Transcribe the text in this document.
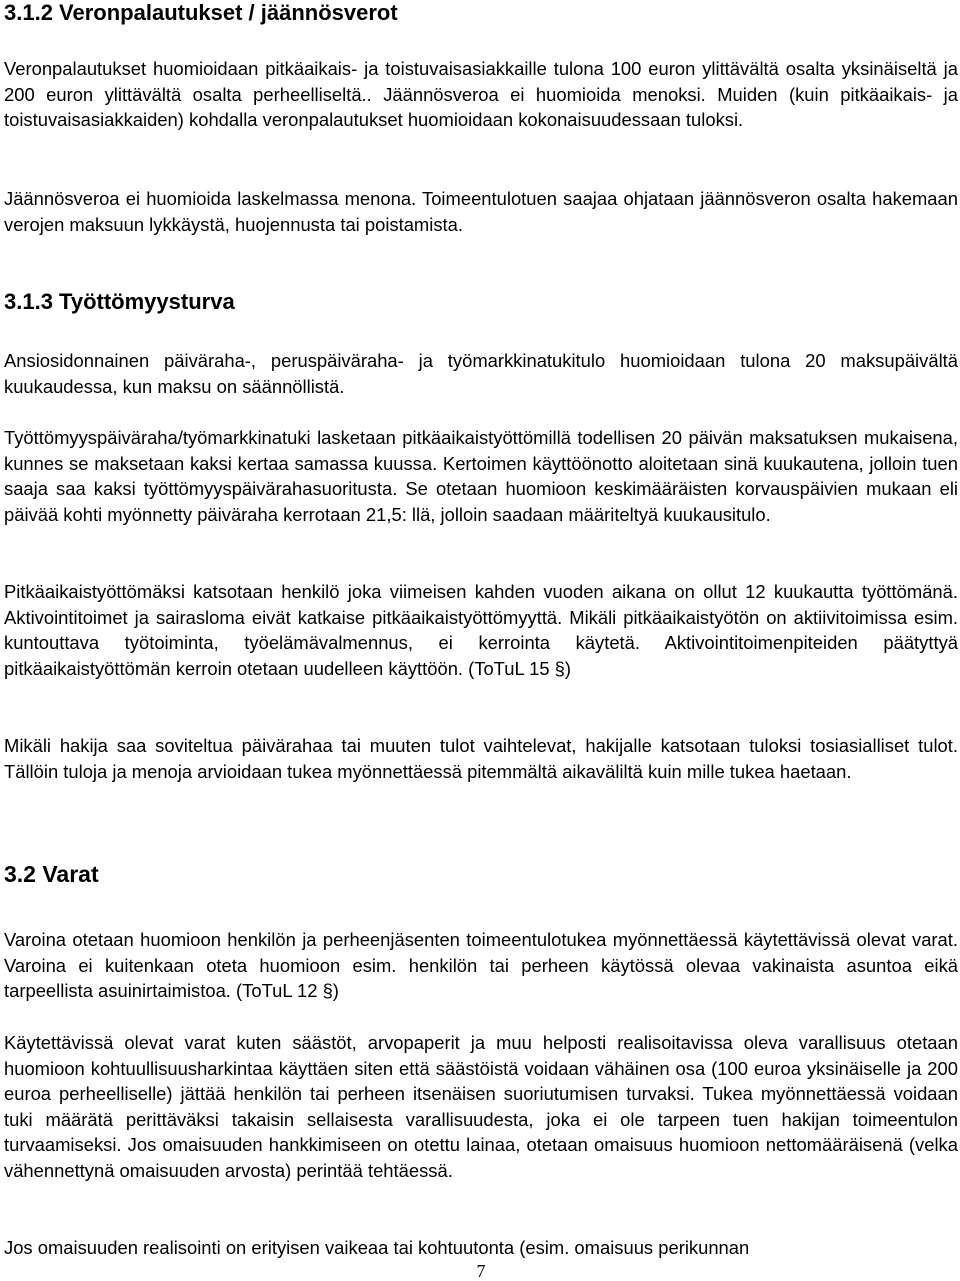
3.1.2 Veronpalautukset / jäännösverot

Veronpalautukset huomioidaan pitkäaikais- ja toistuvaisasiakkaille tulona 100 euron ylittävältä osalta yksinäiseltä ja 200 euron ylittävältä osalta perheelliseltä.. Jäännösveroa ei huomioida menoksi. Muiden (kuin pitkäaikais- ja toistuvaisasiakkaiden) kohdalla veronpalautukset huomioidaan kokonaisuudessaan tuloksi.

Jäännösveroa ei huomioida laskelmassa menona. Toimeentulotuen saajaa ohjataan jäännösveron osalta hakemaan verojen maksuun lykkäystä, huojennusta tai poistamista.

3.1.3 Työttömyysturva

Ansiosidonnainen päiväraha-, peruspäiväraha- ja työmarkkinatukitulo huomioidaan tulona 20 maksupäivältä kuukaudessa, kun maksu on säännöllistä.

Työttömyyspäiväraha/työmarkkinatuki lasketaan pitkäaikaistyöttömillä todellisen 20 päivän maksatuksen mukaisena, kunnes se maksetaan kaksi kertaa samassa kuussa. Kertoimen käyttöönotto aloitetaan sinä kuukautena, jolloin tuen saaja saa kaksi työttömyyspäivärahasuoritusta. Se otetaan huomioon keskimääräisten korvauspäivien mukaan eli päivää kohti myönnetty päiväraha kerrotaan 21,5: llä, jolloin saadaan määriteltyä kuukausitulo.

Pitkäaikaistyöttömäksi katsotaan henkilö joka viimeisen kahden vuoden aikana on ollut 12 kuukautta työttömänä. Aktivointitoimet ja sairasloma eivät katkaise pitkäaikaistyöttömyyttä. Mikäli pitkäaikaistyötön on aktiivitoimissa esim. kuntouttava työtoiminta, työelämävalmennus, ei kerrointa käytetä. Aktivointitoimenpiteiden päätyttyä pitkäaikaistyöttömän kerroin otetaan uudelleen käyttöön. (ToTuL 15 §)

Mikäli hakija saa soviteltua päivärahaa tai muuten tulot vaihtelevat, hakijalle katsotaan tuloksi tosiasialliset tulot. Tällöin tuloja ja menoja arvioidaan tukea myönnettäessä pitemmältä aikaväliltä kuin mille tukea haetaan.

3.2 Varat

Varoina otetaan huomioon henkilön ja perheenjäsenten toimeentulotukea myönnettäessä käytettävissä olevat varat. Varoina ei kuitenkaan oteta huomioon esim. henkilön tai perheen käytössä olevaa vakinaista asuntoa eikä tarpeellista asuinirtaimistoa. (ToTuL 12 §)

Käytettävissä olevat varat kuten säästöt, arvopaperit ja muu helposti realisoitavissa oleva varallisuus otetaan huomioon kohtuullisuusharkintaa käyttäen siten että säästöistä voidaan vähäinen osa (100 euroa yksinäiselle ja 200 euroa perheelliselle) jättää henkilön tai perheen itsenäisen suoriutumisen turvaksi. Tukea myönnettäessä voidaan tuki määrätä perittäväksi takaisin sellaisesta varallisuudesta, joka ei ole tarpeen tuen hakijan toimeentulon turvaamiseksi. Jos omaisuuden hankkimiseen on otettu lainaa, otetaan omaisuus huomioon nettomääräisenä (velka vähennettynä omaisuuden arvosta) perintää tehtäessä.

Jos omaisuuden realisointi on erityisen vaikeaa tai kohtuutonta (esim. omaisuus perikunnan

7
